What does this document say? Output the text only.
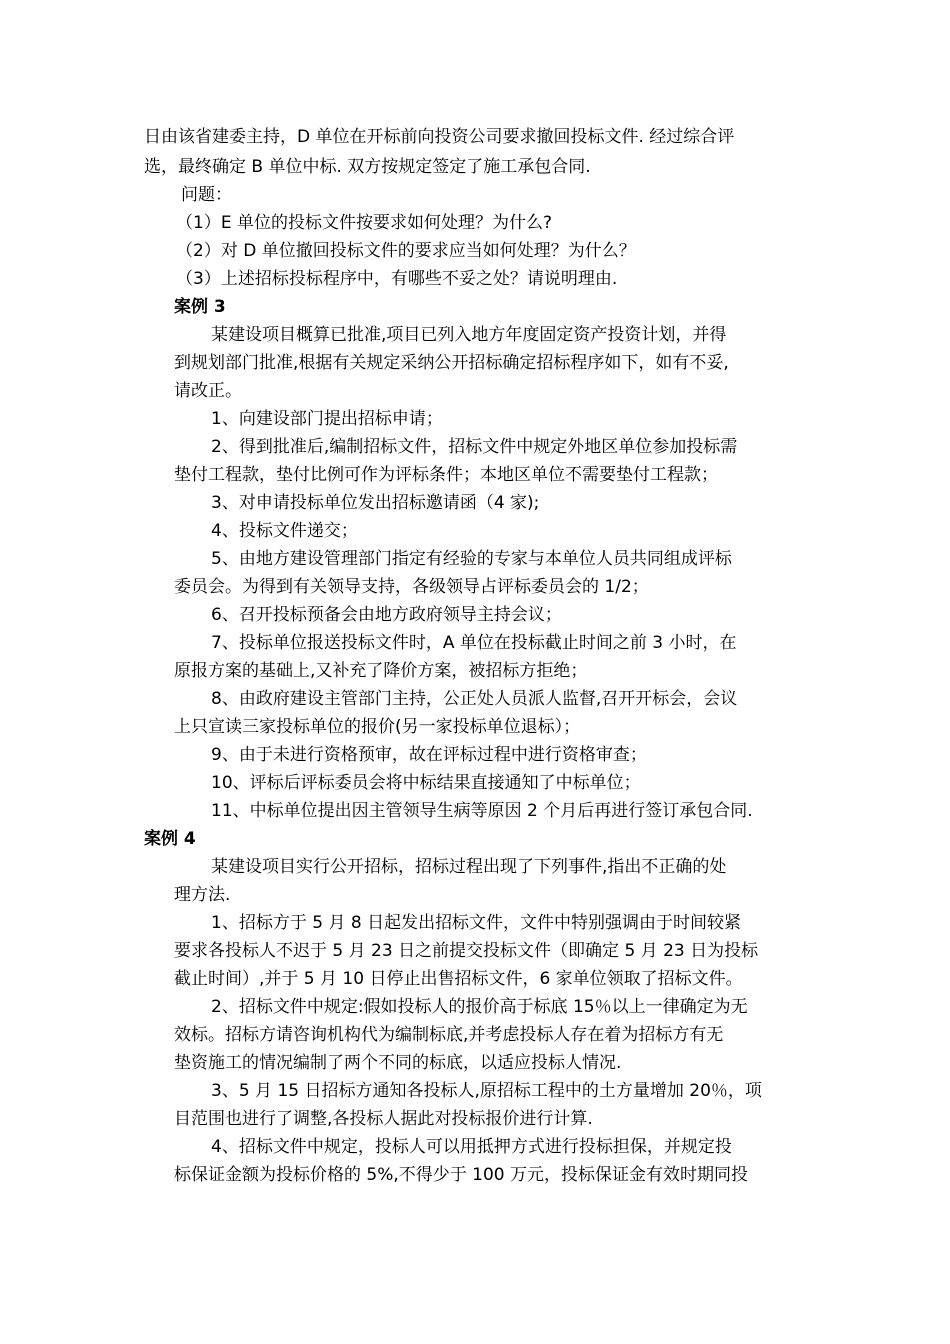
日由该省建委主持，D 单位在开标前向投资公司要求撤回投标文件. 经过综合评
选，最终确定 B 单位中标. 双方按规定签定了施工承包合同.
问题：
（1）E 单位的投标文件按要求如何处理？为什么?
（2）对 D 单位撤回投标文件的要求应当如何处理？为什么？
（3）上述招标投标程序中，有哪些不妥之处？请说明理由.
案例 3
某建设项目概算已批准,项目已列入地方年度固定资产投资计划，并得
到规划部门批准,根据有关规定采纳公开招标确定招标程序如下，如有不妥,
请改正。
1、向建设部门提出招标申请；
2、得到批准后,编制招标文件，招标文件中规定外地区单位参加投标需
垫付工程款，垫付比例可作为评标条件；本地区单位不需要垫付工程款；
3、对申请投标单位发出招标邀请函（4 家);
4、投标文件递交；
5、由地方建设管理部门指定有经验的专家与本单位人员共同组成评标
委员会。为得到有关领导支持，各级领导占评标委员会的 1/2；
6、召开投标预备会由地方政府领导主持会议；
7、投标单位报送投标文件时，A 单位在投标截止时间之前 3 小时，在
原报方案的基础上,又补充了降价方案，被招标方拒绝；
8、由政府建设主管部门主持，公正处人员派人监督,召开开标会，会议
上只宣读三家投标单位的报价(另一家投标单位退标）；
9、由于未进行资格预审，故在评标过程中进行资格审查；
10、评标后评标委员会将中标结果直接通知了中标单位；
11、中标单位提出因主管领导生病等原因 2 个月后再进行签订承包合同.
案例 4
某建设项目实行公开招标，招标过程出现了下列事件,指出不正确的处
理方法.
1、招标方于 5 月 8 日起发出招标文件，文件中特别强调由于时间较紧
要求各投标人不迟于 5 月 23 日之前提交投标文件（即确定 5 月 23 日为投标
截止时间）,并于 5 月 10 日停止出售招标文件，6 家单位领取了招标文件。
2、招标文件中规定:假如投标人的报价高于标底 15％以上一律确定为无
效标。招标方请咨询机构代为编制标底,并考虑投标人存在着为招标方有无
垫资施工的情况编制了两个不同的标底，以适应投标人情况.
3、5 月 15 日招标方通知各投标人,原招标工程中的土方量增加 20％，项
目范围也进行了调整,各投标人据此对投标报价进行计算.
4、招标文件中规定，投标人可以用抵押方式进行投标担保，并规定投
标保证金额为投标价格的 5%,不得少于 100 万元，投标保证金有效时期同投
